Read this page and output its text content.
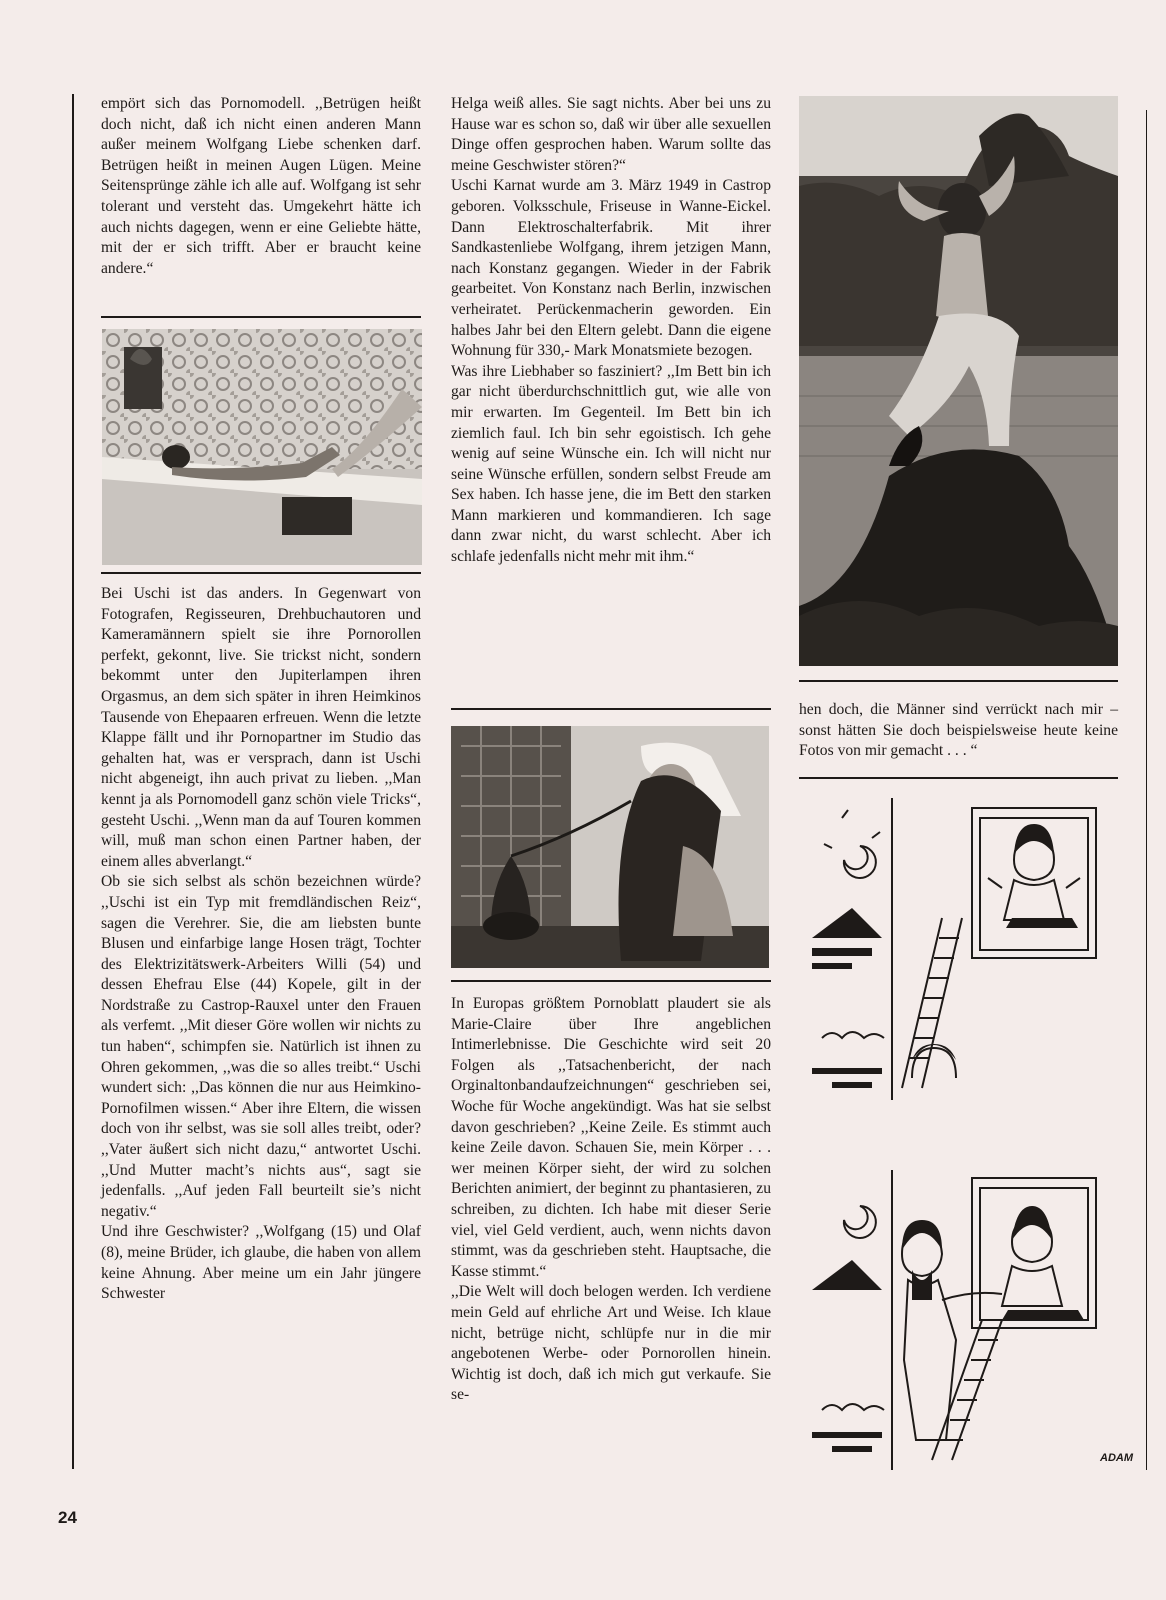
empört sich das Pornomodell. ,,Betrügen heißt doch nicht, daß ich nicht einen anderen Mann außer meinem Wolfgang Liebe schenken darf. Betrügen heißt in meinen Augen Lügen. Meine Seitensprünge zähle ich alle auf. Wolfgang ist sehr tolerant und versteht das. Umgekehrt hätte ich auch nichts dagegen, wenn er eine Geliebte hätte, mit der er sich trifft. Aber er braucht keine andere.“

Bei Uschi ist das anders. In Gegenwart von Fotografen, Regisseuren, Drehbuchautoren und Kameramännern spielt sie ihre Pornorollen perfekt, gekonnt, live. Sie trickst nicht, sondern bekommt unter den Jupiterlampen ihren Orgasmus, an dem sich später in ihren Heimkinos Tausende von Ehepaaren erfreuen. Wenn die letzte Klappe fällt und ihr Pornopartner im Studio das gehalten hat, was er versprach, dann ist Uschi nicht abgeneigt, ihn auch privat zu lieben. ,,Man kennt ja als Pornomodell ganz schön viele Tricks“, gesteht Uschi. ,,Wenn man da auf Touren kommen will, muß man schon einen Partner haben, der einem alles abverlangt.“

Ob sie sich selbst als schön bezeichnen würde? ,,Uschi ist ein Typ mit fremdländischen Reiz“, sagen die Verehrer. Sie, die am liebsten bunte Blusen und einfarbige lange Hosen trägt, Tochter des Elektrizitätswerk-Arbeiters Willi (54) und dessen Ehefrau Else (44) Kopele, gilt in der Nordstraße zu Castrop-Rauxel unter den Frauen als verfemt. ,,Mit dieser Göre wollen wir nichts zu tun haben“, schimpfen sie. Natürlich ist ihnen zu Ohren gekommen, ,,was die so alles treibt.“ Uschi wundert sich: ,,Das können die nur aus Heimkino-Pornofilmen wissen.“ Aber ihre Eltern, die wissen doch von ihr selbst, was sie soll alles treibt, oder? ,,Vater äußert sich nicht dazu,“ antwortet Uschi. ,,Und Mutter macht’s nichts aus“, sagt sie jedenfalls. ,,Auf jeden Fall beurteilt sie’s nicht negativ.“

Und ihre Geschwister? ,,Wolfgang (15) und Olaf (8), meine Brüder, ich glaube, die haben von allem keine Ahnung. Aber meine um ein Jahr jüngere Schwester

Helga weiß alles. Sie sagt nichts. Aber bei uns zu Hause war es schon so, daß wir über alle sexuellen Dinge offen gesprochen haben. Warum sollte das meine Geschwister stören?“

Uschi Karnat wurde am 3. März 1949 in Castrop geboren. Volksschule, Friseuse in Wanne-Eickel. Dann Elektroschalterfabrik. Mit ihrer Sandkastenliebe Wolfgang, ihrem jetzigen Mann, nach Konstanz gegangen. Wieder in der Fabrik gearbeitet. Von Konstanz nach Berlin, inzwischen verheiratet. Perückenmacherin geworden. Ein halbes Jahr bei den Eltern gelebt. Dann die eigene Wohnung für 330,- Mark Monatsmiete bezogen.

Was ihre Liebhaber so fasziniert? ,,Im Bett bin ich gar nicht überdurchschnittlich gut, wie alle von mir erwarten. Im Gegenteil. Im Bett bin ich ziemlich faul. Ich bin sehr egoistisch. Ich gehe wenig auf seine Wünsche ein. Ich will nicht nur seine Wünsche erfüllen, sondern selbst Freude am Sex haben. Ich hasse jene, die im Bett den starken Mann markieren und kommandieren. Ich sage dann zwar nicht, du warst schlecht. Aber ich schlafe jedenfalls nicht mehr mit ihm.“

In Europas größtem Pornoblatt plaudert sie als Marie-Claire über Ihre angeblichen Intimerlebnisse. Die Geschichte wird seit 20 Folgen als ,,Tatsachenbericht, der nach Orginaltonbandaufzeichnungen“ geschrieben sei, Woche für Woche angekündigt. Was hat sie selbst davon geschrieben? ,,Keine Zeile. Es stimmt auch keine Zeile davon. Schauen Sie, mein Körper . . . wer meinen Körper sieht, der wird zu solchen Berichten animiert, der beginnt zu phantasieren, zu schreiben, zu dichten. Ich habe mit dieser Serie viel, viel Geld verdient, auch, wenn nichts davon stimmt, was da geschrieben steht. Hauptsache, die Kasse stimmt.“

,,Die Welt will doch belogen werden. Ich verdiene mein Geld auf ehrliche Art und Weise. Ich klaue nicht, betrüge nicht, schlüpfe nur in die mir angebotenen Werbe- oder Pornorollen hinein. Wichtig ist doch, daß ich mich gut verkaufe. Sie se-

hen doch, die Männer sind verrückt nach mir – sonst hätten Sie doch beispielsweise heute keine Fotos von mir gemacht . . . “

ADAM
24
